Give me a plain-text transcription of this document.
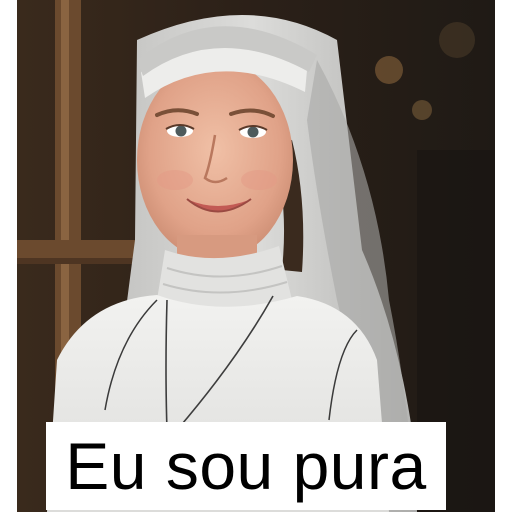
Eu sou pura
